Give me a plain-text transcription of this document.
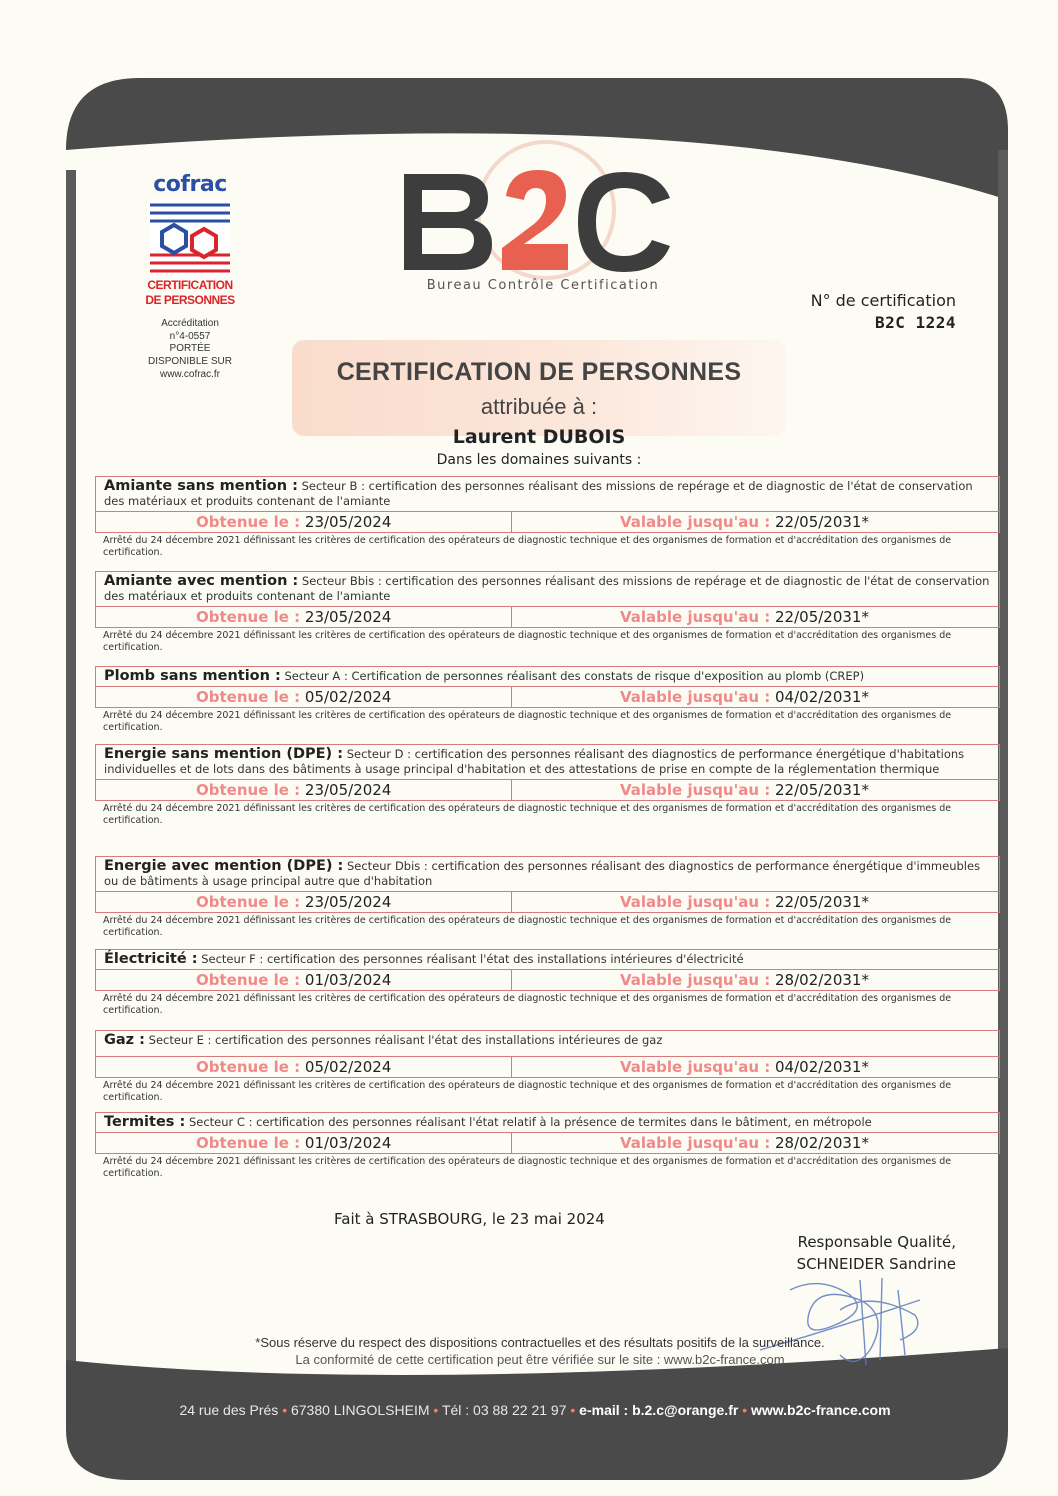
cofrac
CERTIFICATION
DE PERSONNES
Accréditation
n°4-0557
PORTÉE
DISPONIBLE SUR
www.cofrac.fr
Bureau Contrôle Certification
N° de certification
B2C 1224
CERTIFICATION DE PERSONNES
attribuée à :
Laurent DUBOIS
Dans les domaines suivants :
Amiante sans mention : Secteur B : certification des personnes réalisant des missions de repérage et de diagnostic de l'état de conservation des matériaux et produits contenant de l'amiante
Obtenue le : 23/05/2024	Valable jusqu'au : 22/05/2031*
Arrêté du 24 décembre 2021 définissant les critères de certification des opérateurs de diagnostic technique et des organismes de formation et d'accréditation des organismes de certification.
Amiante avec mention : Secteur Bbis : certification des personnes réalisant des missions de repérage et de diagnostic de l'état de conservation des matériaux et produits contenant de l'amiante
Obtenue le : 23/05/2024	Valable jusqu'au : 22/05/2031*
Arrêté du 24 décembre 2021 définissant les critères de certification des opérateurs de diagnostic technique et des organismes de formation et d'accréditation des organismes de certification.
Plomb sans mention : Secteur A : Certification de personnes réalisant des constats de risque d'exposition au plomb (CREP)
Obtenue le : 05/02/2024	Valable jusqu'au : 04/02/2031*
Arrêté du 24 décembre 2021 définissant les critères de certification des opérateurs de diagnostic technique et des organismes de formation et d'accréditation des organismes de certification.
Energie sans mention (DPE) : Secteur D : certification des personnes réalisant des diagnostics de performance énergétique d'habitations individuelles et de lots dans des bâtiments à usage principal d'habitation et des attestations de prise en compte de la réglementation thermique
Obtenue le : 23/05/2024	Valable jusqu'au : 22/05/2031*
Arrêté du 24 décembre 2021 définissant les critères de certification des opérateurs de diagnostic technique et des organismes de formation et d'accréditation des organismes de certification.
Energie avec mention (DPE) : Secteur Dbis : certification des personnes réalisant des diagnostics de performance énergétique d'immeubles ou de bâtiments à usage principal autre que d'habitation
Obtenue le : 23/05/2024	Valable jusqu'au : 22/05/2031*
Arrêté du 24 décembre 2021 définissant les critères de certification des opérateurs de diagnostic technique et des organismes de formation et d'accréditation des organismes de certification.
Électricité : Secteur F : certification des personnes réalisant l'état des installations intérieures d'électricité
Obtenue le : 01/03/2024	Valable jusqu'au : 28/02/2031*
Arrêté du 24 décembre 2021 définissant les critères de certification des opérateurs de diagnostic technique et des organismes de formation et d'accréditation des organismes de certification.
Gaz : Secteur E : certification des personnes réalisant l'état des installations intérieures de gaz
Obtenue le : 05/02/2024	Valable jusqu'au : 04/02/2031*
Arrêté du 24 décembre 2021 définissant les critères de certification des opérateurs de diagnostic technique et des organismes de formation et d'accréditation des organismes de certification.
Termites : Secteur C : certification des personnes réalisant l'état relatif à la présence de termites dans le bâtiment, en métropole
Obtenue le : 01/03/2024	Valable jusqu'au : 28/02/2031*
Arrêté du 24 décembre 2021 définissant les critères de certification des opérateurs de diagnostic technique et des organismes de formation et d'accréditation des organismes de certification.
Fait à STRASBOURG, le 23 mai 2024
Responsable Qualité,
SCHNEIDER Sandrine
*Sous réserve du respect des dispositions contractuelles et des résultats positifs de la surveillance.
La conformité de cette certification peut être vérifiée sur le site : www.b2c-france.com
24 rue des Prés • 67380 LINGOLSHEIM • Tél : 03 88 22 21 97 • e-mail : b.2.c@orange.fr • www.b2c-france.com
